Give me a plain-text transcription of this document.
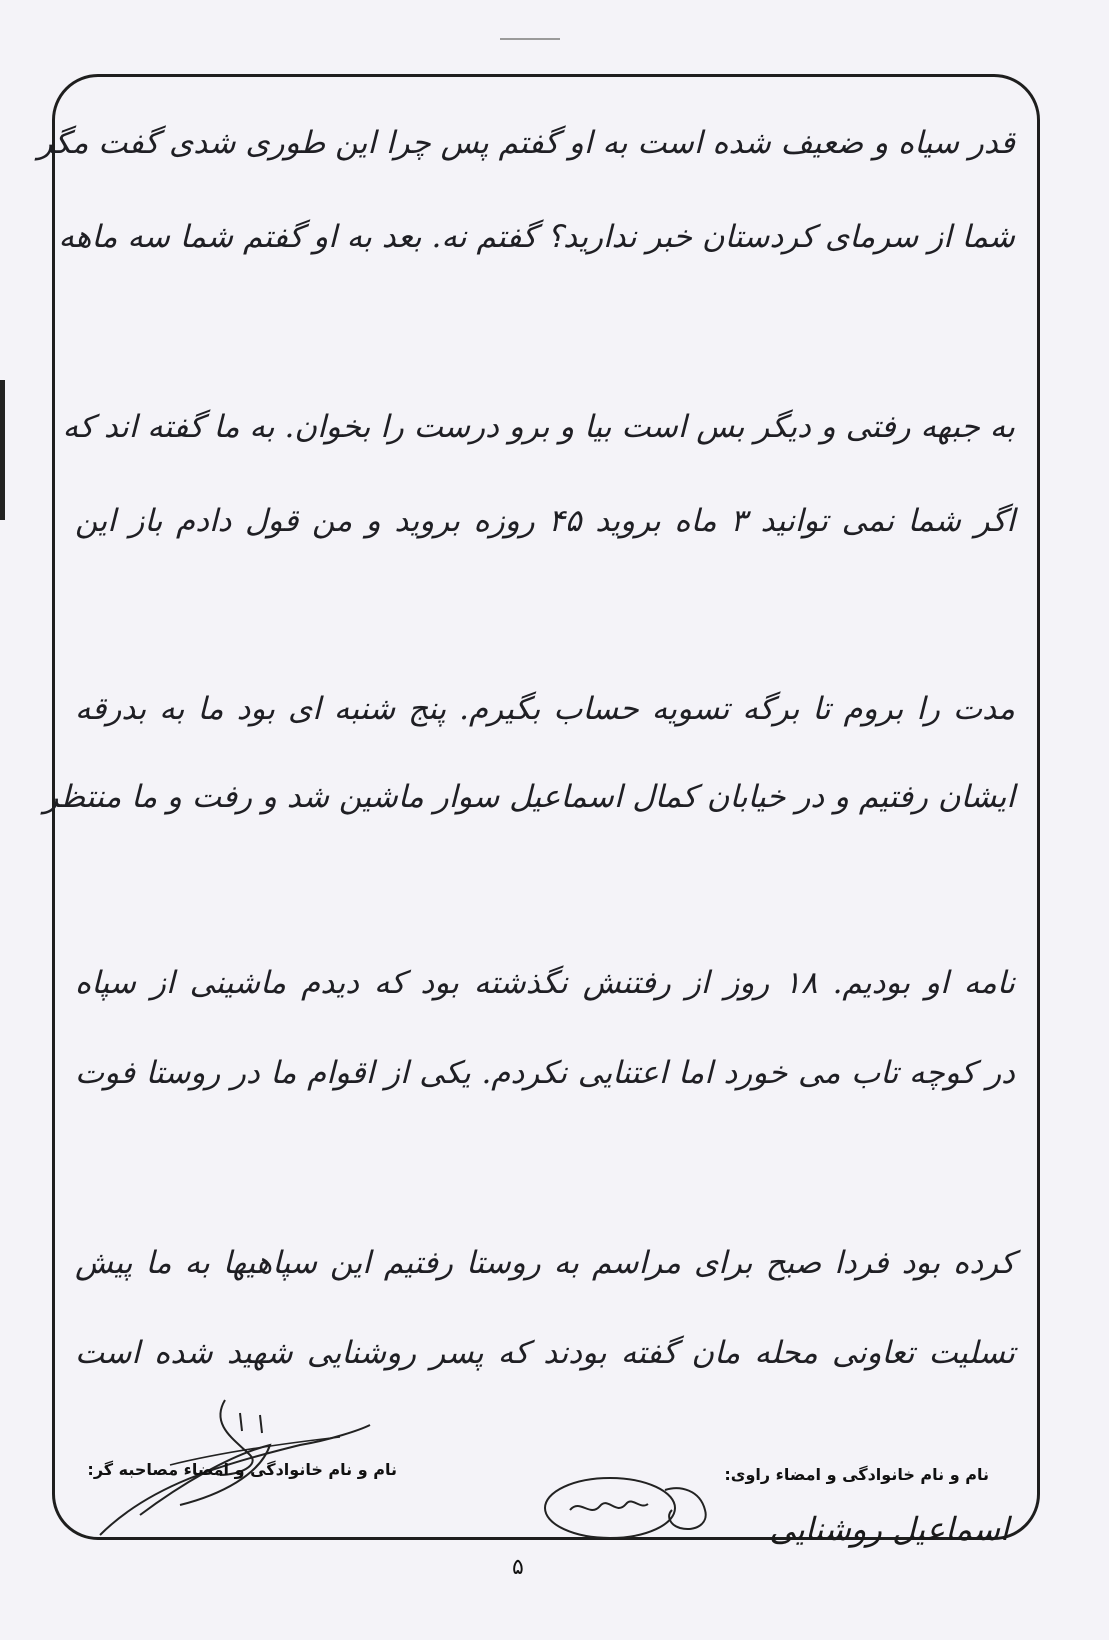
قدر سیاه و ضعیف شده است به او گفتم پس چرا این طوری شدی گفت مگر
شما از سرمای کردستان خبر ندارید؟ گفتم نه. بعد به او گفتم شما سه ماهه
به جبهه رفتی و دیگر بس است بیا و برو درست را بخوان. به ما گفته اند که
اگر شما نمی توانید ۳ ماه بروید ۴۵ روزه بروید و من قول دادم باز این
مدت را بروم تا برگه تسویه حساب بگیرم. پنج شنبه ای بود ما به بدرقه
ایشان رفتیم و در خیابان کمال اسماعیل سوار ماشین شد و رفت و ما منتظر
نامه او بودیم. ۱۸ روز از رفتنش نگذشته بود که دیدم ماشینی از سپاه
در کوچه تاب می خورد اما اعتنایی نکردم. یکی از اقوام ما در روستا فوت
کرده بود فردا صبح برای مراسم به روستا رفتیم این سپاهیها به ما پیش
تسلیت تعاونی محله مان گفته بودند که پسر روشنایی شهید شده است
نام و نام خانوادگی و امضاء مصاحبه گر:	نام و نام خانوادگی و امضاء راوی:
اسماعیل روشنایی
۵
